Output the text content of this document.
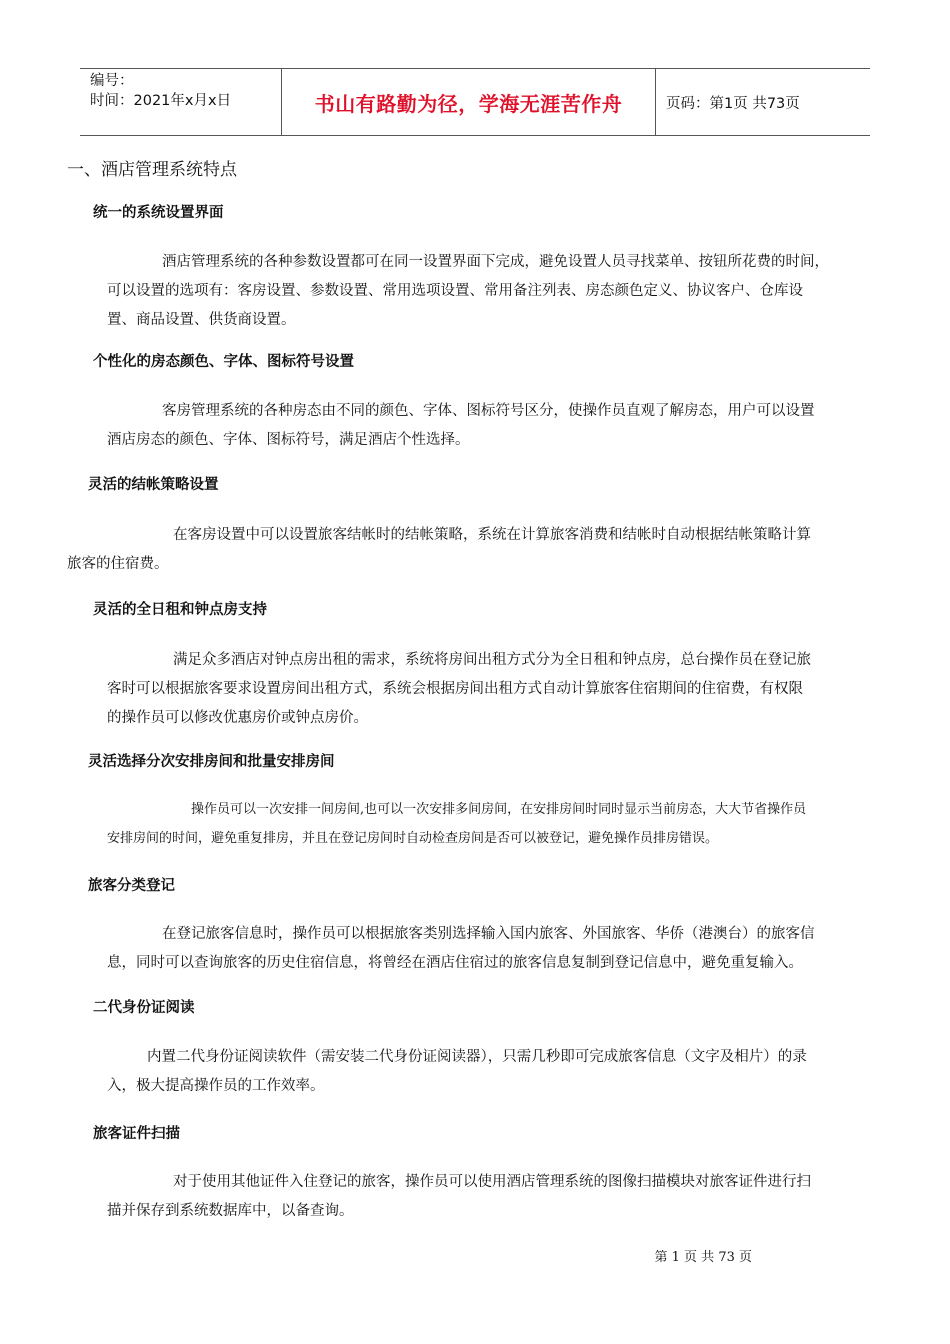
编号：
时间：2021年x月x日	书山有路勤为径，学海无涯苦作舟	页码：第1页 共73页
一、酒店管理系统特点
统一的系统设置界面
酒店管理系统的各种参数设置都可在同一设置界面下完成，避免设置人员寻找菜单、按钮所花费的时间，
可以设置的选项有：客房设置、参数设置、常用选项设置、常用备注列表、房态颜色定义、协议客户、仓库设
置、商品设置、供货商设置。
个性化的房态颜色、字体、图标符号设置
客房管理系统的各种房态由不同的颜色、字体、图标符号区分，使操作员直观了解房态，用户可以设置
酒店房态的颜色、字体、图标符号，满足酒店个性选择。
灵活的结帐策略设置
在客房设置中可以设置旅客结帐时的结帐策略，系统在计算旅客消费和结帐时自动根据结帐策略计算
旅客的住宿费。
灵活的全日租和钟点房支持
满足众多酒店对钟点房出租的需求，系统将房间出租方式分为全日租和钟点房，总台操作员在登记旅
客时可以根据旅客要求设置房间出租方式，系统会根据房间出租方式自动计算旅客住宿期间的住宿费，有权限
的操作员可以修改优惠房价或钟点房价。
灵活选择分次安排房间和批量安排房间
操作员可以一次安排一间房间,也可以一次安排多间房间，在安排房间时同时显示当前房态，大大节省操作员
安排房间的时间，避免重复排房，并且在登记房间时自动检查房间是否可以被登记，避免操作员排房错误。
旅客分类登记
在登记旅客信息时，操作员可以根据旅客类别选择输入国内旅客、外国旅客、华侨（港澳台）的旅客信
息，同时可以查询旅客的历史住宿信息，将曾经在酒店住宿过的旅客信息复制到登记信息中，避免重复输入。
二代身份证阅读
内置二代身份证阅读软件（需安装二代身份证阅读器），只需几秒即可完成旅客信息（文字及相片）的录
入，极大提高操作员的工作效率。
旅客证件扫描
对于使用其他证件入住登记的旅客，操作员可以使用酒店管理系统的图像扫描模块对旅客证件进行扫
描并保存到系统数据库中，以备查询。
第 1 页 共 73 页
